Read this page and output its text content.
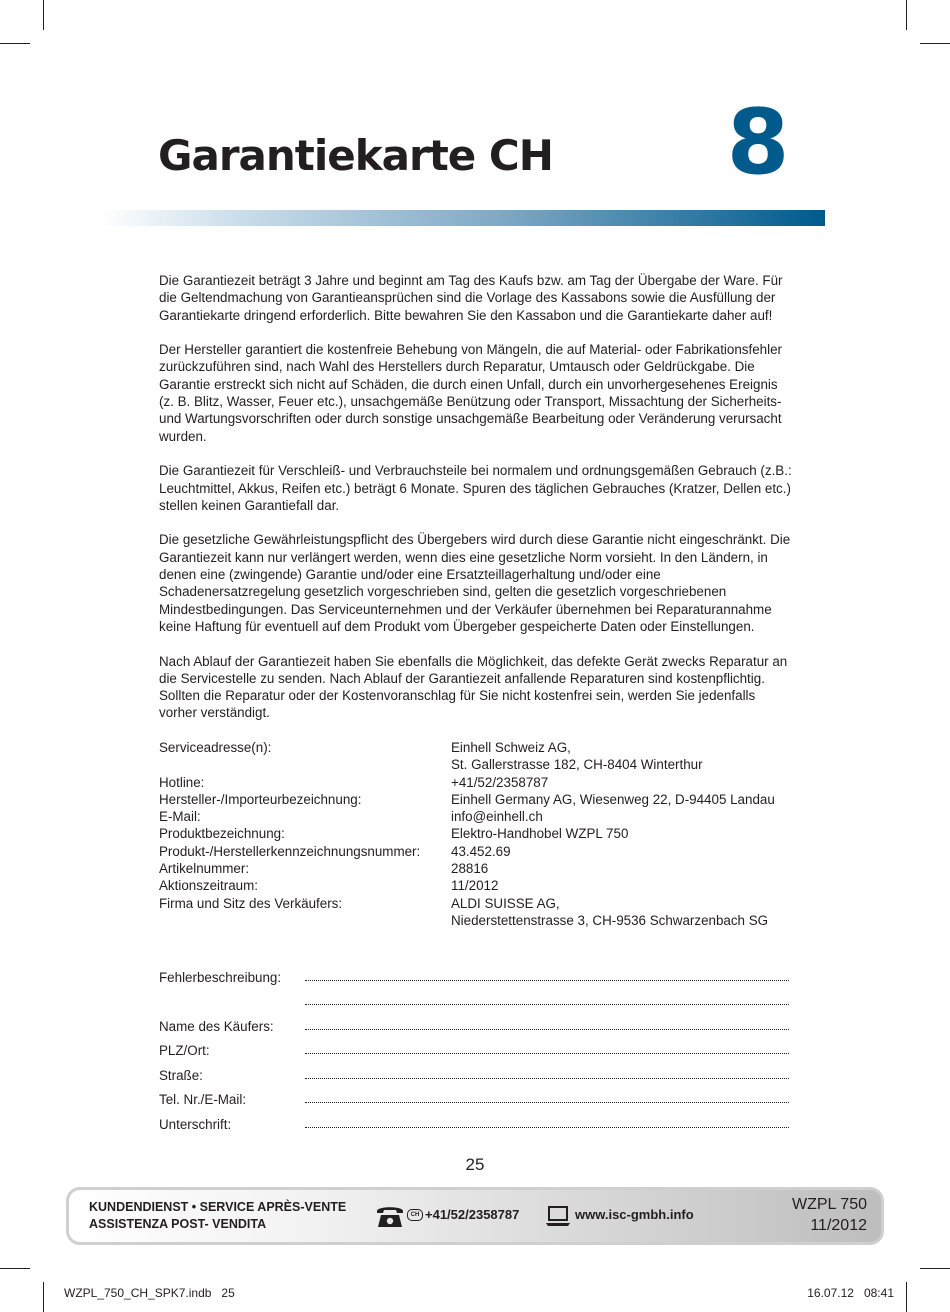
Garantiekarte CH 8

Die Garantiezeit beträgt 3 Jahre und beginnt am Tag des Kaufs bzw. am Tag der Übergabe der Ware. Für die Geltendmachung von Garantieansprüchen sind die Vorlage des Kassabons sowie die Ausfüllung der Garantiekarte dringend erforderlich. Bitte bewahren Sie den Kassabon und die Garantiekarte daher auf!

Der Hersteller garantiert die kostenfreie Behebung von Mängeln, die auf Material- oder Fabrikationsfehler zurückzuführen sind, nach Wahl des Herstellers durch Reparatur, Umtausch oder Geldrückgabe. Die Garantie erstreckt sich nicht auf Schäden, die durch einen Unfall, durch ein unvorhergesehenes Ereignis (z. B. Blitz, Wasser, Feuer etc.), unsachgemäße Benützung oder Transport, Missachtung der Sicherheits- und Wartungsvorschriften oder durch sonstige unsachgemäße Bearbeitung oder Veränderung verursacht wurden.

Die Garantiezeit für Verschleiß- und Verbrauchsteile bei normalem und ordnungsgemäßen Gebrauch (z.B.: Leuchtmittel, Akkus, Reifen etc.) beträgt 6 Monate. Spuren des täglichen Gebrauches (Kratzer, Dellen etc.) stellen keinen Garantiefall dar.

Die gesetzliche Gewährleistungspflicht des Übergebers wird durch diese Garantie nicht eingeschränkt. Die Garantiezeit kann nur verlängert werden, wenn dies eine gesetzliche Norm vorsieht. In den Ländern, in denen eine (zwingende) Garantie und/oder eine Ersatzteillagerhaltung und/oder eine Schadenersatzregelung gesetzlich vorgeschrieben sind, gelten die gesetzlich vorgeschriebenen Mindestbedingungen. Das Serviceunternehmen und der Verkäufer übernehmen bei Reparaturannahme keine Haftung für eventuell auf dem Produkt vom Übergeber gespeicherte Daten oder Einstellungen.

Nach Ablauf der Garantiezeit haben Sie ebenfalls die Möglichkeit, das defekte Gerät zwecks Reparatur an die Servicestelle zu senden. Nach Ablauf der Garantiezeit anfallende Reparaturen sind kostenpflichtig. Sollten die Reparatur oder der Kostenvoranschlag für Sie nicht kostenfrei sein, werden Sie jedenfalls vorher verständigt.

Serviceadresse(n):	Einhell Schweiz AG,
St. Gallerstrasse 182, CH-8404 Winterthur
Hotline:	+41/52/2358787
Hersteller-/Importeurbezeichnung:	Einhell Germany AG, Wiesenweg 22, D-94405 Landau
E-Mail:	info@einhell.ch
Produktbezeichnung:	Elektro-Handhobel WZPL 750
Produkt-/Herstellerkennzeichnungsnummer:	43.452.69
Artikelnummer:	28816
Aktionszeitraum:	11/2012
Firma und Sitz des Verkäufers:	ALDI SUISSE AG,
Niederstettenstrasse 3, CH-9536 Schwarzenbach SG
Fehlerbeschreibung:
Name des Käufers:
PLZ/Ort:
Straße:
Tel. Nr./E-Mail:
Unterschrift:
25
KUNDENDIENST • SERVICE APRÈS-VENTE
ASSISTENZA POST- VENDITA
CH +41/52/2358787	www.isc-gmbh.info
WZPL 750
11/2012
WZPL_750_CH_SPK7.indb   25	16.07.12   08:41
